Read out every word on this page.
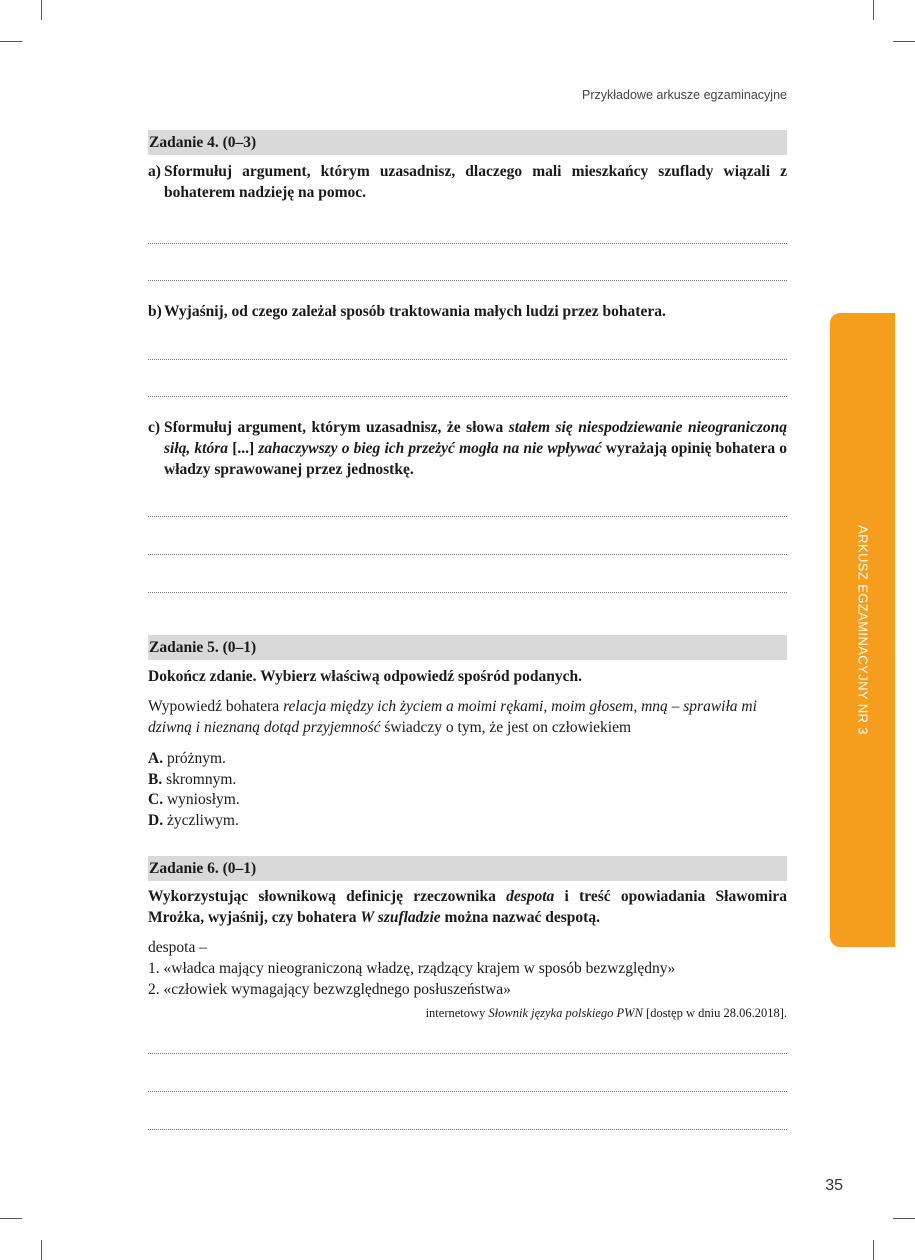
Przykładowe arkusze egzaminacyjne
ARKUSZ EGZAMINACYJNY NR 3
Zadanie 4. (0–3)
a) Sformułuj argument, którym uzasadnisz, dlaczego mali mieszkańcy szuflady wiązali z bohaterem nadzieję na pomoc.
b) Wyjaśnij, od czego zależał sposób traktowania małych ludzi przez bohatera.
c) Sformułuj argument, którym uzasadnisz, że słowa stałem się niespodziewanie nieograniczoną siłą, która [...] zahaczywszy o bieg ich przeżyć mogła na nie wpływać wyrażają opinię bohatera o władzy sprawowanej przez jednostkę.
Zadanie 5. (0–1)
Dokończ zdanie. Wybierz właściwą odpowiedź spośród podanych.
Wypowiedź bohatera relacja między ich życiem a moimi rękami, moim głosem, mną – sprawiła mi dziwną i nieznaną dotąd przyjemność świadczy o tym, że jest on człowiekiem
A. próżnym.
B. skromnym.
C. wyniosłym.
D. życzliwym.
Zadanie 6. (0–1)
Wykorzystując słownikową definicję rzeczownika despota i treść opowiadania Sławomira Mrożka, wyjaśnij, czy bohatera W szufladzie można nazwać despotą.
despota –
1. «władca mający nieograniczoną władzę, rządzący krajem w sposób bezwzględny»
2. «człowiek wymagający bezwzględnego posłuszeństwa»
internetowy Słownik języka polskiego PWN [dostęp w dniu 28.06.2018].
35
